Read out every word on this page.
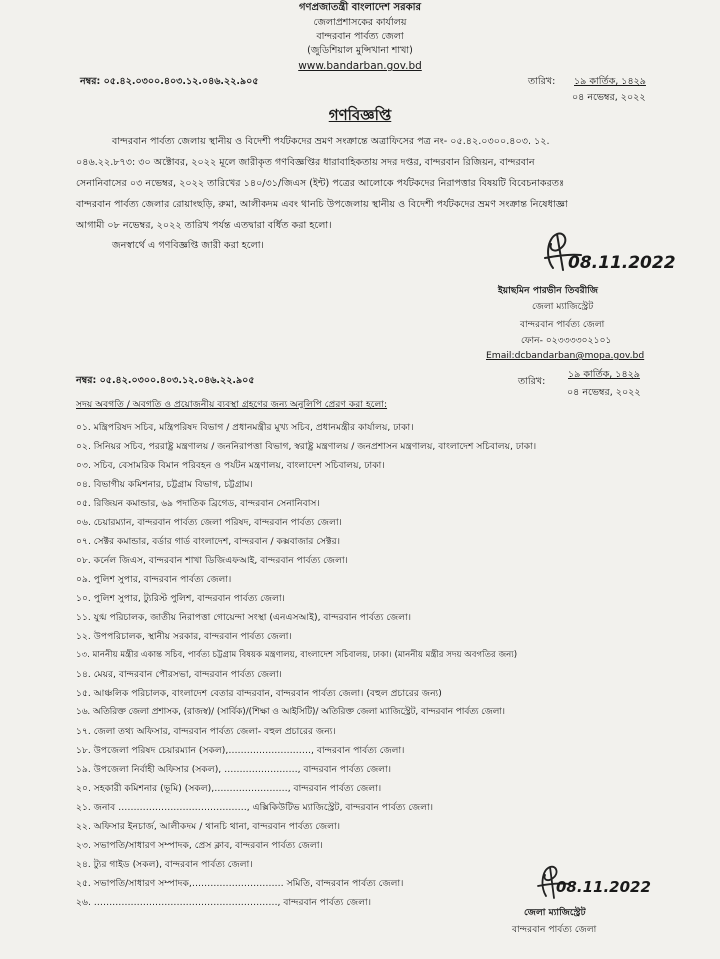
গণপ্রজাতন্ত্রী বাংলাদেশ সরকার
জেলাপ্রশাসকের কার্যালয়
বান্দরবান পার্বত্য জেলা
(জুডিশিয়াল মুন্সিখানা শাখা)
www.bandarban.gov.bd
নম্বর: ০৫.৪২.০৩০০.৪০৩.১২.০৪৬.২২.৯০৫	তারিখ: ১৯ কার্তিক, ১৪২৯
০৪ নভেম্বর, ২০২২
গণবিজ্ঞপ্তি
বান্দরবান পার্বত্য জেলায় স্থানীয় ও বিদেশী পর্যটকদের ভ্রমণ সংক্রান্তে অত্রাফিসের পত্র নং- ০৫.৪২.০৩০০.৪০৩. ১২.
০৪৬.২২.৮৭৩: ৩০ অক্টোবর, ২০২২ মূলে জারীকৃত গণবিজ্ঞপ্তির ধারাবাহিকতায় সদর দপ্তর, বান্দরবান রিজিয়ন, বান্দরবান
সেনানিবাসের ০৩ নভেম্বর, ২০২২ তারিখের ১৪০/৩১/জিএস (ইন্ট) পত্রের আলোকে পর্যটকদের নিরাপত্তার বিষয়টি বিবেচনাকরতঃ
বান্দরবান পার্বত্য জেলার রোয়াংছড়ি, রুমা, আলীকদম এবং থানচি উপজেলায় স্থানীয় ও বিদেশী পর্যটকদের ভ্রমণ সংক্রান্ত নিষেধাজ্ঞা
আগামী ০৮ নভেম্বর, ২০২২ তারিখ পর্যন্ত এতদ্বারা বর্ধিত করা হলো।
জনস্বার্থে এ গণবিজ্ঞপ্তি জারী করা হলো।
08.11.2022
ইয়াছমিন পারভীন তিবরীজি
জেলা ম্যাজিস্ট্রেট
বান্দরবান পার্বত্য জেলা
ফোন- ০২৩৩৩৩০২১০১
Email:dcbandarban@mopa.gov.bd
নম্বর: ০৫.৪২.০৩০০.৪০৩.১২.০৪৬.২২.৯০৫	তারিখ:
১৯ কার্তিক, ১৪২৯
০৪ নভেম্বর, ২০২২
সদয় অবগতি / অবগতি ও প্রয়োজনীয় ব্যবস্থা গ্রহণের জন্য অনুলিপি প্রেরণ করা হলো:
০১. মন্ত্রিপরিষদ সচিব, মন্ত্রিপরিষদ বিভাগ / প্রধানমন্ত্রীর মুখ্য সচিব, প্রধানমন্ত্রীর কার্যালয়, ঢাকা।
০২. সিনিয়র সচিব, পররাষ্ট্র মন্ত্রণালয় / জননিরাপত্তা বিভাগ, স্বরাষ্ট্র মন্ত্রণালয় / জনপ্রশাসন মন্ত্রণালয়, বাংলাদেশ সচিবালয়, ঢাকা।
০৩. সচিব, বেসামরিক বিমান পরিবহন ও পর্যটন মন্ত্রণালয়, বাংলাদেশ সচিবালয়, ঢাকা।
০৪. বিভাগীয় কমিশনার, চট্টগ্রাম বিভাগ, চট্টগ্রাম।
০৫. রিজিয়ন কমান্ডার, ৬৯ পদাতিক ব্রিগেড, বান্দরবান সেনানিবাস।
০৬. চেয়ারম্যান, বান্দরবান পার্বত্য জেলা পরিষদ, বান্দরবান পার্বত্য জেলা।
০৭. সেক্টর কমান্ডার, বর্ডার গার্ড বাংলাদেশ, বান্দরবান / কক্সবাজার সেক্টর।
০৮. কর্নেল জিএস, বান্দরবান শাখা ডিজিএফআই, বান্দরবান পার্বত্য জেলা।
০৯. পুলিশ সুপার, বান্দরবান পার্বত্য জেলা।
১০. পুলিশ সুপার, ট্যুরিস্ট পুলিশ, বান্দরবান পার্বত্য জেলা।
১১. যুগ্ম পরিচালক, জাতীয় নিরাপত্তা গোয়েন্দা সংস্থা (এনএসআই), বান্দরবান পার্বত্য জেলা।
১২. উপপরিচালক, স্থানীয় সরকার, বান্দরবান পার্বত্য জেলা।
১৩. মাননীয় মন্ত্রীর একান্ত সচিব, পার্বত্য চট্টগ্রাম বিষয়ক মন্ত্রণালয়, বাংলাদেশ সচিবালয়, ঢাকা। (মাননীয় মন্ত্রীর সদয় অবগতির জন্য)
১৪. মেয়র, বান্দরবান পৌরসভা, বান্দরবান পার্বত্য জেলা।
১৫. আঞ্চলিক পরিচালক, বাংলাদেশ বেতার বান্দরবান, বান্দরবান পার্বত্য জেলা। (বহুল প্রচারের জন্য)
১৬. অতিরিক্ত জেলা প্রশাসক, (রাজস্ব)/ (সার্বিক)/(শিক্ষা ও আইসিটি)/ অতিরিক্ত জেলা ম্যাজিস্ট্রেট, বান্দরবান পার্বত্য জেলা।
১৭. জেলা তথ্য অফিসার, বান্দরবান পার্বত্য জেলা- বহুল প্রচারের জন্য।
১৮. উপজেলা পরিষদ চেয়ারম্যান (সকল),………………………, বান্দরবান পার্বত্য জেলা।
১৯. উপজেলা নির্বাহী অফিসার (সকল), ……………………, বান্দরবান পার্বত্য জেলা।
২০. সহকারী কমিশনার (ভূমি) (সকল),……………………, বান্দরবান পার্বত্য জেলা।
২১. জনাব ……………………………………, এক্সিকিউটিভ ম্যাজিস্ট্রেট, বান্দরবান পার্বত্য জেলা।
২২. অফিসার ইনচার্জ, আলীকদম / থানচি থানা, বান্দরবান পার্বত্য জেলা।
২৩. সভাপতি/সাধারণ সম্পাদক, প্রেস ক্লাব, বান্দরবান পার্বত্য জেলা।
২৪. ট্যুর গাইড (সকল), বান্দরবান পার্বত্য জেলা।
২৫. সভাপতি/সাধারণ সম্পাদক,………………………… সমিতি, বান্দরবান পার্বত্য জেলা।
২৬. ……………………………………………………, বান্দরবান পার্বত্য জেলা।
08.11.2022
জেলা ম্যাজিস্ট্রেট
বান্দরবান পার্বত্য জেলা
